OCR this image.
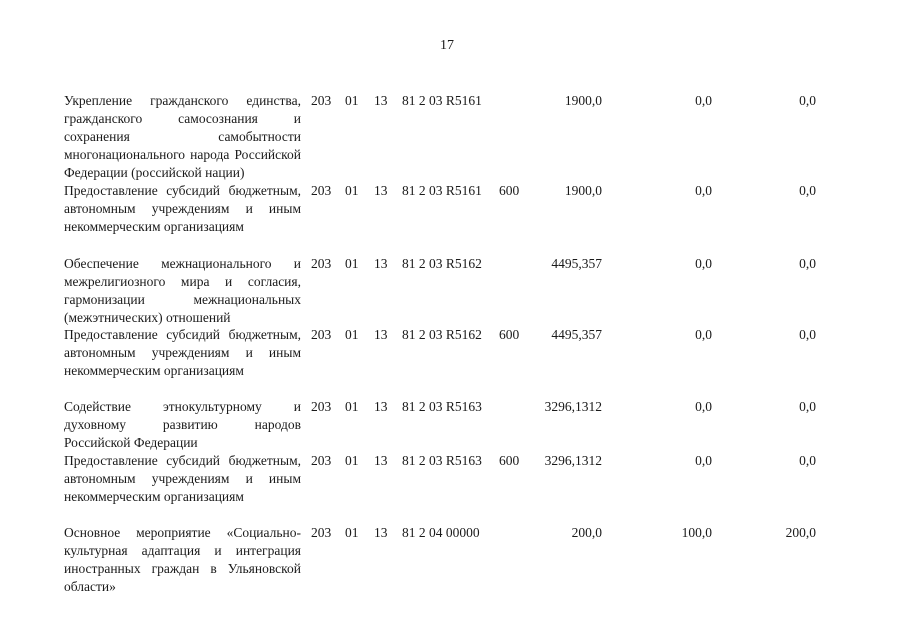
17
Укрепление гражданского единства, гражданского самосознания и сохранения самобытности многонационального народа Российской Федерации (российской нации)
203 01 13 81 2 03 R5161	1900,0	0,0	0,0
Предоставление субсидий бюджетным, автономным учреждениям и иным некоммерческим организациям
203 01 13 81 2 03 R5161 600	1900,0	0,0	0,0
Обеспечение межнационального и межрелигиозного мира и согласия, гармонизации межнациональных (межэтнических) отношений
203 01 13 81 2 03 R5162	4495,357	0,0	0,0
Предоставление субсидий бюджетным, автономным учреждениям и иным некоммерческим организациям
203 01 13 81 2 03 R5162 600	4495,357	0,0	0,0
Содействие этнокультурному и духовному развитию народов Российской Федерации
203 01 13 81 2 03 R5163	3296,1312	0,0	0,0
Предоставление субсидий бюджетным, автономным учреждениям и иным некоммерческим организациям
203 01 13 81 2 03 R5163 600	3296,1312	0,0	0,0
Основное мероприятие «Социально-культурная адаптация и интеграция иностранных граждан в Ульяновской области»
203 01 13 81 2 04 00000	200,0	100,0	200,0
